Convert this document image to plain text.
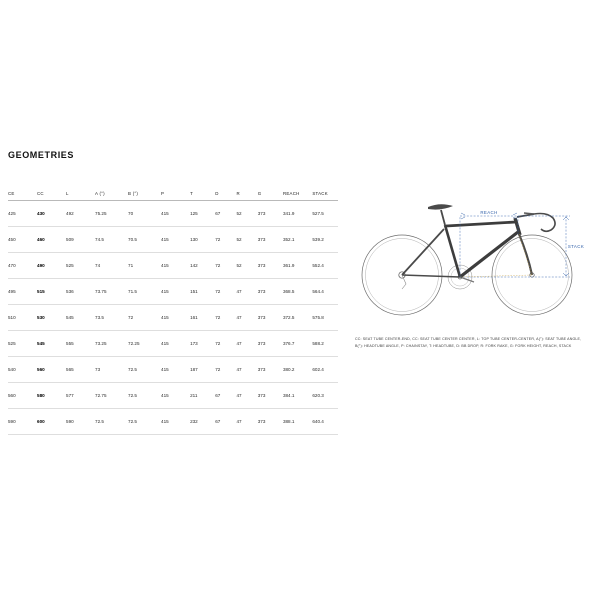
GEOMETRIES
CE	CC	L	A (°)	B (°)	P	T	D	R	G	REACH	STACK
425	430	492	75.25	70	415	125	67	52	373	341.9	527.5
450	460	509	74.5	70.5	415	130	72	52	373	352.1	539.2
470	490	525	74	71	415	142	72	52	373	361.9	552.4
495	515	536	73.75	71.5	415	151	72	47	373	368.5	564.4
510	530	545	73.5	72	415	161	72	47	373	372.5	575.8
525	545	555	73.25	72.25	415	173	72	47	373	376.7	588.2
540	560	565	73	72.5	415	187	72	47	373	380.2	602.4
560	580	577	72.75	72.5	415	211	67	47	373	384.1	620.3
590	600	590	72.5	72.5	415	232	67	47	373	388.1	640.4
REACH
STACK
CC: SEAT TUBE CENTER-END, CC: SEAT TUBE CENTER CENTER, L: TOP TUBE CENTER-CENTER, A(°): SEAT TUBE ANGLE, B(°): HEADTUBE ANGLE, P: CHAINSTAY, T: HEADTUBE, D: BB DROP, R: FORK RAKE, G: FORK HEIGHT, REACH, STACK
